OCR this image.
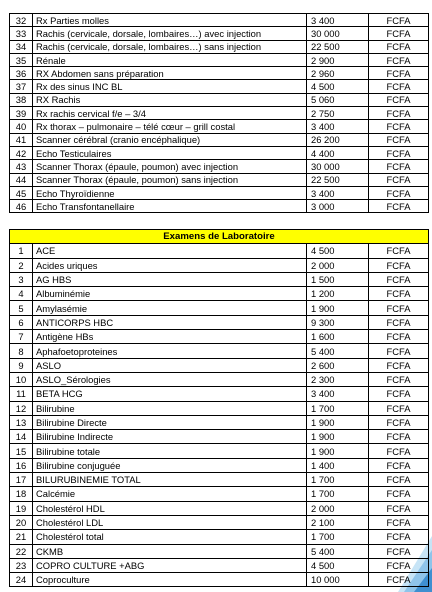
32	Rx Parties molles	3 400	FCFA
33	Rachis (cervicale, dorsale, lombaires…) avec injection	30 000	FCFA
34	Rachis (cervicale, dorsale, lombaires…) sans injection	22 500	FCFA
35	Rénale	2 900	FCFA
36	RX Abdomen sans préparation	2 960	FCFA
37	Rx des sinus INC BL	4 500	FCFA
38	RX Rachis	5 060	FCFA
39	Rx rachis cervical f/e – 3/4	2 750	FCFA
40	Rx thorax – pulmonaire – télé cœur – grill costal	3 400	FCFA
41	Scanner cérébral (cranio encéphalique)	26 200	FCFA
42	Echo Testiculaires	4 400	FCFA
43	Scanner Thorax (épaule, poumon) avec injection	30 000	FCFA
44	Scanner Thorax (épaule, poumon) sans injection	22 500	FCFA
45	Echo Thyroïdienne	3 400	FCFA
46	Echo Transfontanellaire	3 000	FCFA
Examens de Laboratoire			
1	ACE	4 500	FCFA
2	Acides uriques	2 000	FCFA
3	AG HBS	1 500	FCFA
4	Albuminémie	1 200	FCFA
5	Amylasémie	1 900	FCFA
6	ANTICORPS HBC	9 300	FCFA
7	Antigène HBs	1 600	FCFA
8	Aphafoetoproteines	5 400	FCFA
9	ASLO	2 600	FCFA
10	ASLO_Sérologies	2 300	FCFA
11	BETA HCG	3 400	FCFA
12	Bilirubine	1 700	FCFA
13	Bilirubine Directe	1 900	FCFA
14	Bilirubine Indirecte	1 900	FCFA
15	Bilirubine totale	1 900	FCFA
16	Bilirubine conjuguée	1 400	FCFA
17	BILURUBINEMIE TOTAL	1 700	FCFA
18	Calcémie	1 700	FCFA
19	Cholestérol HDL	2 000	FCFA
20	Cholestérol LDL	2 100	FCFA
21	Cholestérol total	1 700	FCFA
22	CKMB	5 400	FCFA
23	COPRO CULTURE +ABG	4 500	FCFA
24	Coproculture	10 000	FCFA
